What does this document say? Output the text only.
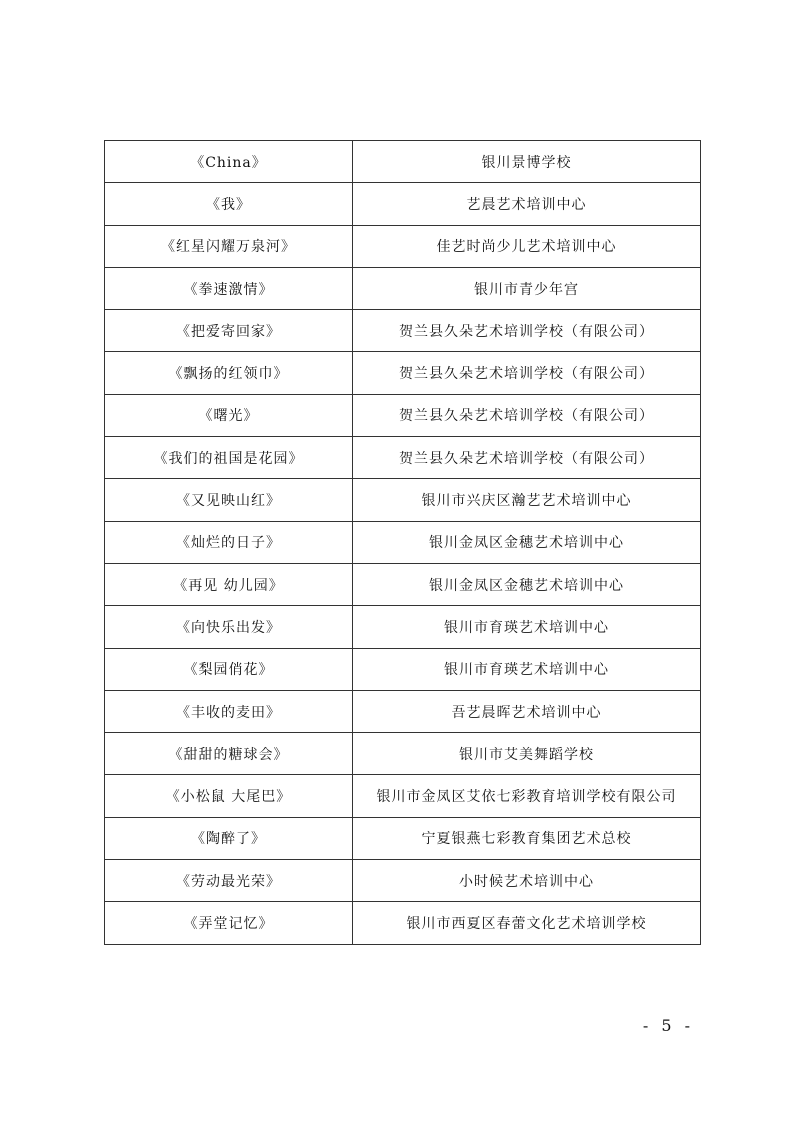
《China》	银川景博学校
《我》	艺晨艺术培训中心
《红星闪耀万泉河》	佳艺时尚少儿艺术培训中心
《拳速激情》	银川市青少年宫
《把爱寄回家》	贺兰县久朵艺术培训学校（有限公司）
《飘扬的红领巾》	贺兰县久朵艺术培训学校（有限公司）
《曙光》	贺兰县久朵艺术培训学校（有限公司）
《我们的祖国是花园》	贺兰县久朵艺术培训学校（有限公司）
《又见映山红》	银川市兴庆区瀚艺艺术培训中心
《灿烂的日子》	银川金凤区金穗艺术培训中心
《再见 幼儿园》	银川金凤区金穗艺术培训中心
《向快乐出发》	银川市育瑛艺术培训中心
《梨园俏花》	银川市育瑛艺术培训中心
《丰收的麦田》	吾艺晨晖艺术培训中心
《甜甜的糖球会》	银川市艾美舞蹈学校
《小松鼠 大尾巴》	银川市金凤区艾依七彩教育培训学校有限公司
《陶醉了》	宁夏银燕七彩教育集团艺术总校
《劳动最光荣》	小时候艺术培训中心
《弄堂记忆》	银川市西夏区春蕾文化艺术培训学校
- 5 -
